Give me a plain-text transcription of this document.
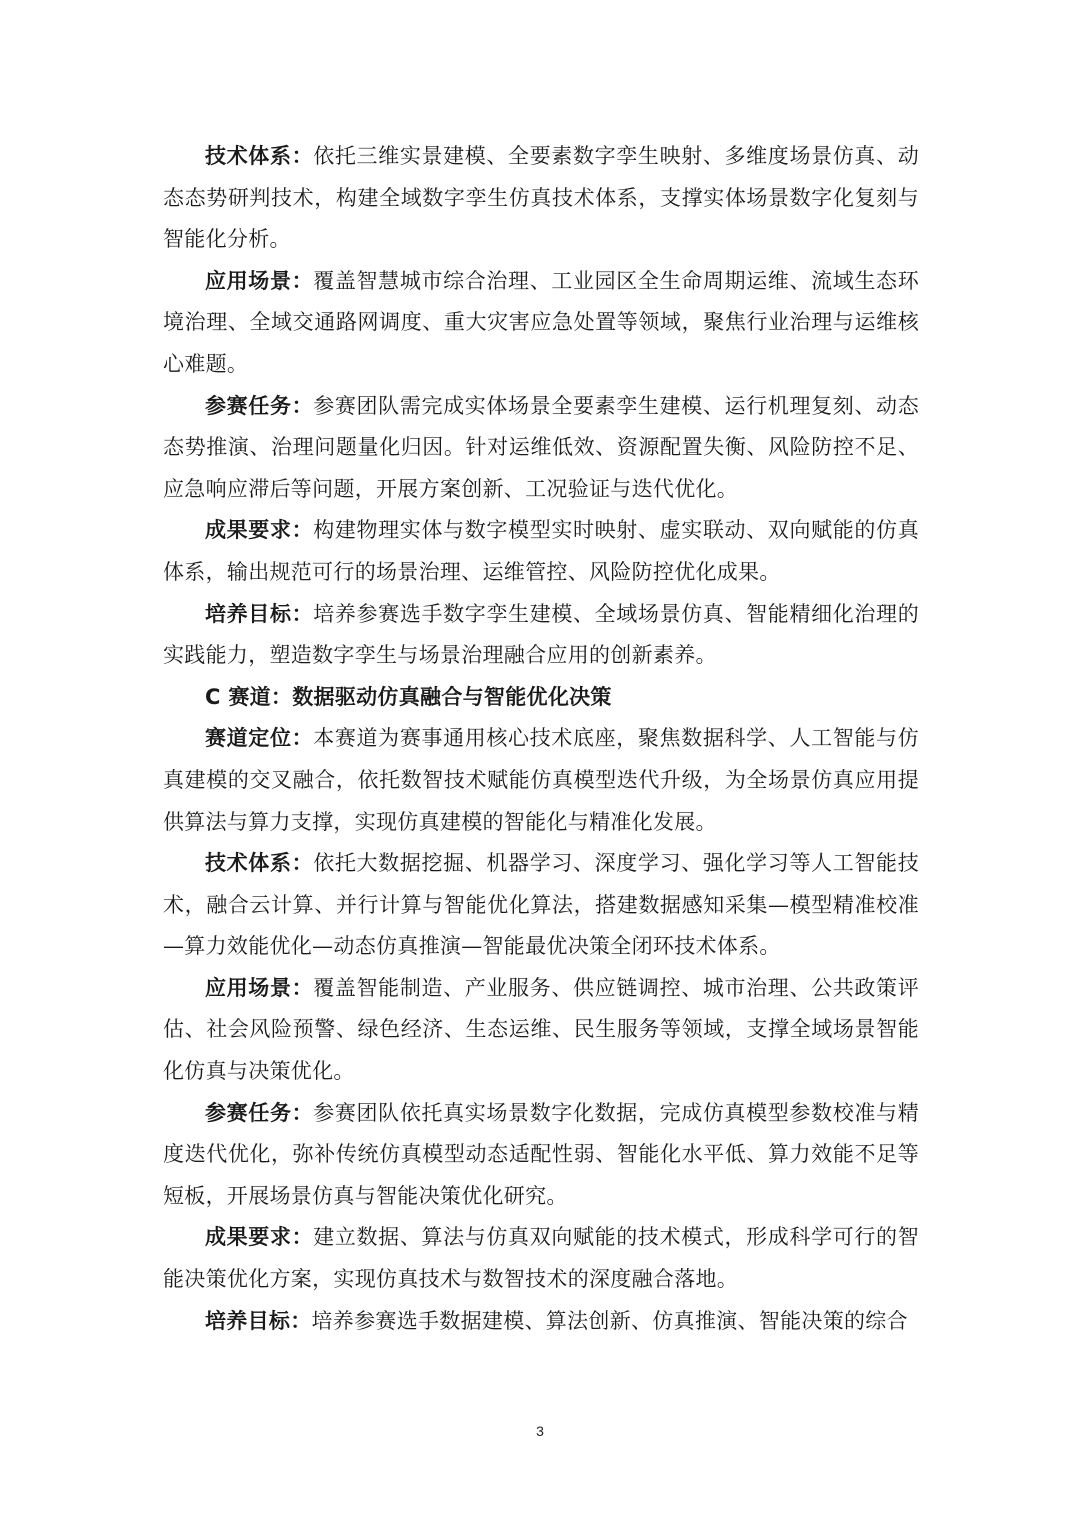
技术体系：依托三维实景建模、全要素数字孪生映射、多维度场景仿真、动态态势研判技术，构建全域数字孪生仿真技术体系，支撑实体场景数字化复刻与智能化分析。

应用场景：覆盖智慧城市综合治理、工业园区全生命周期运维、流域生态环境治理、全域交通路网调度、重大灾害应急处置等领域，聚焦行业治理与运维核心难题。

参赛任务：参赛团队需完成实体场景全要素孪生建模、运行机理复刻、动态态势推演、治理问题量化归因。针对运维低效、资源配置失衡、风险防控不足、应急响应滞后等问题，开展方案创新、工况验证与迭代优化。

成果要求：构建物理实体与数字模型实时映射、虚实联动、双向赋能的仿真体系，输出规范可行的场景治理、运维管控、风险防控优化成果。

培养目标：培养参赛选手数字孪生建模、全域场景仿真、智能精细化治理的实践能力，塑造数字孪生与场景治理融合应用的创新素养。

C 赛道：数据驱动仿真融合与智能优化决策

赛道定位：本赛道为赛事通用核心技术底座，聚焦数据科学、人工智能与仿真建模的交叉融合，依托数智技术赋能仿真模型迭代升级，为全场景仿真应用提供算法与算力支撑，实现仿真建模的智能化与精准化发展。

技术体系：依托大数据挖掘、机器学习、深度学习、强化学习等人工智能技术，融合云计算、并行计算与智能优化算法，搭建数据感知采集—模型精准校准—算力效能优化—动态仿真推演—智能最优决策全闭环技术体系。

应用场景：覆盖智能制造、产业服务、供应链调控、城市治理、公共政策评估、社会风险预警、绿色经济、生态运维、民生服务等领域，支撑全域场景智能化仿真与决策优化。

参赛任务：参赛团队依托真实场景数字化数据，完成仿真模型参数校准与精度迭代优化，弥补传统仿真模型动态适配性弱、智能化水平低、算力效能不足等短板，开展场景仿真与智能决策优化研究。

成果要求：建立数据、算法与仿真双向赋能的技术模式，形成科学可行的智能决策优化方案，实现仿真技术与数智技术的深度融合落地。

培养目标：培养参赛选手数据建模、算法创新、仿真推演、智能决策的综合

3
